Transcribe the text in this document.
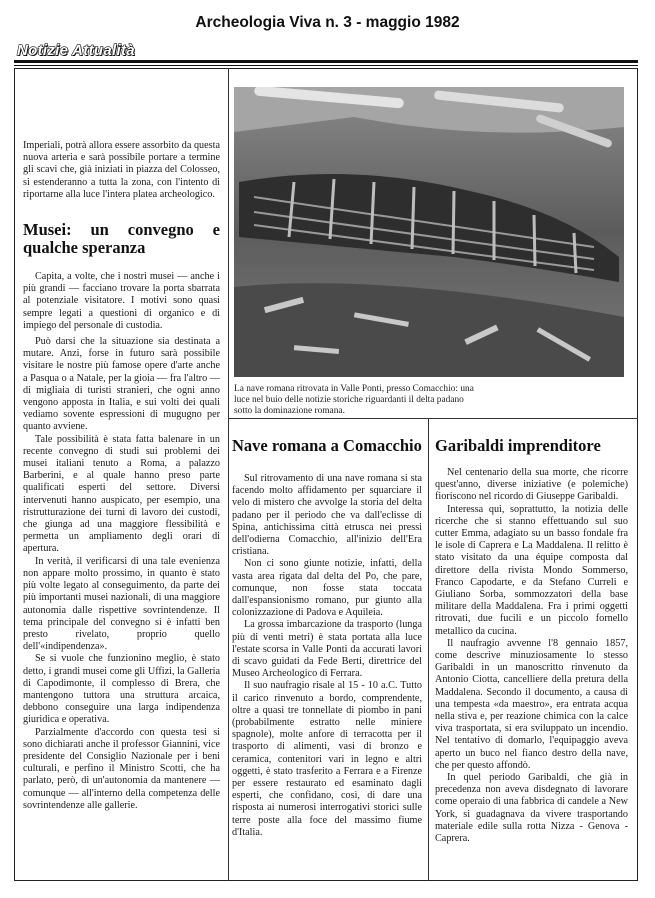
Archeologia Viva n. 3 - maggio 1982
Notizie Attualità
La nave romana ritrovata in Valle Ponti, presso Comacchio: una luce nel buio delle notizie storiche riguardanti il delta padano sotto la dominazione romana.

Imperiali, potrà allora essere assorbito da questa nuova arteria e sarà possibile portare a termine gli scavi che, già iniziati in piazza del Colosseo, si estenderanno a tutta la zona, con l'intento di riportarne alla luce l'intera platea archeologico.

Musei: un convegno e qualche speranza

Capita, a volte, che i nostri musei — anche i più grandi — facciano trovare la porta sbarrata al potenziale visitatore. I motivi sono quasi sempre legati a questioni di organico e di impiego del personale di custodia.

Può darsi che la situazione sia destinata a mutare. Anzi, forse in futuro sarà possibile visitare le nostre più famose opere d'arte anche a Pasqua o a Natale, per la gioia — fra l'altro — di migliaia di turisti stranieri, che ogni anno vengono apposta in Italia, e sui volti dei quali vediamo sovente espressioni di mugugno per quanto avviene.

Tale possibilità è stata fatta balenare in un recente convegno di studi sui problemi dei musei italiani tenuto a Roma, a palazzo Barberini, e al quale hanno preso parte qualificati esperti del settore. Diversi intervenuti hanno auspicato, per esempio, una ristrutturazione dei turni di lavoro dei custodi, che giunga ad una maggiore flessibilità e permetta un ampliamento degli orari di apertura.

In verità, il verificarsi di una tale evenienza non appare molto prossimo, in quanto è stato più volte legato al conseguimento, da parte dei più importanti musei nazionali, di una maggiore autonomia dalle rispettive sovrintendenze. Il tema principale del convegno si è infatti ben presto rivelato, proprio quello dell'«indipendenza».

Se si vuole che funzionino meglio, è stato detto, i grandi musei come gli Uffizi, la Galleria di Capodimonte, il complesso di Brera, che mantengono tuttora una struttura arcaica, debbono conseguire una larga indipendenza giuridica e operativa.

Parzialmente d'accordo con questa tesi si sono dichiarati anche il professor Giannini, vice presidente del Consiglio Nazionale per i beni culturali, e perfino il Ministro Scotti, che ha parlato, però, di un'autonomia da mantenere — comunque — all'interno della competenza delle sovrintendenze alle gallerie.

Nave romana a Comacchio

Sul ritrovamento di una nave romana si sta facendo molto affidamento per squarciare il velo di mistero che avvolge la storia del delta padano per il periodo che va dall'eclisse di Spina, antichissima città etrusca nei pressi dell'odierna Comacchio, all'inizio dell'Era cristiana.

Non ci sono giunte notizie, infatti, della vasta area rigata dal delta del Po, che pare, comunque, non fosse stata toccata dall'espansionismo romano, pur giunto alla colonizzazione di Padova e Aquileia.

La grossa imbarcazione da trasporto (lunga più di venti metri) è stata portata alla luce l'estate scorsa in Valle Ponti da accurati lavori di scavo guidati da Fede Berti, direttrice del Museo Archeologico di Ferrara.

Il suo naufragio risale al 15 - 10 a.C. Tutto il carico rinvenuto a bordo, comprendente, oltre a quasi tre tonnellate di piombo in pani (probabilmente estratto nelle miniere spagnole), molte anfore di terracotta per il trasporto di alimenti, vasi di bronzo e ceramica, contenitori vari in legno e altri oggetti, è stato trasferito a Ferrara e a Firenze per essere restaurato ed esaminato dagli esperti, che confidano, così, di dare una risposta ai numerosi interrogativi storici sulle terre poste alla foce del massimo fiume d'Italia.

Garibaldi imprenditore

Nel centenario della sua morte, che ricorre quest'anno, diverse iniziative (e polemiche) fioriscono nel ricordo di Giuseppe Garibaldi.

Interessa qui, soprattutto, la notizia delle ricerche che si stanno effettuando sul suo cutter Emma, adagiato su un basso fondale fra le isole di Caprera e La Maddalena. Il relitto è stato visitato da una équipe composta dal direttore della rivista Mondo Sommerso, Franco Capodarte, e da Stefano Curreli e Giuliano Sorba, sommozzatori della base militare della Maddalena. Fra i primi oggetti ritrovati, due fucili e un piccolo fornello metallico da cucina.

Il naufragio avvenne l'8 gennaio 1857, come descrive minuziosamente lo stesso Garibaldi in un manoscritto rinvenuto da Antonio Ciotta, cancelliere della pretura della Maddalena. Secondo il documento, a causa di una tempesta «da maestro», era entrata acqua nella stiva e, per reazione chimica con la calce viva trasportata, si era sviluppato un incendio. Nel tentativo di domarlo, l'equipaggio aveva aperto un buco nel fianco destro della nave, che per questo affondò.

In quel periodo Garibaldi, che già in precedenza non aveva disdegnato di lavorare come operaio di una fabbrica di candele a New York, si guadagnava da vivere trasportando materiale edile sulla rotta Nizza - Genova - Caprera.
